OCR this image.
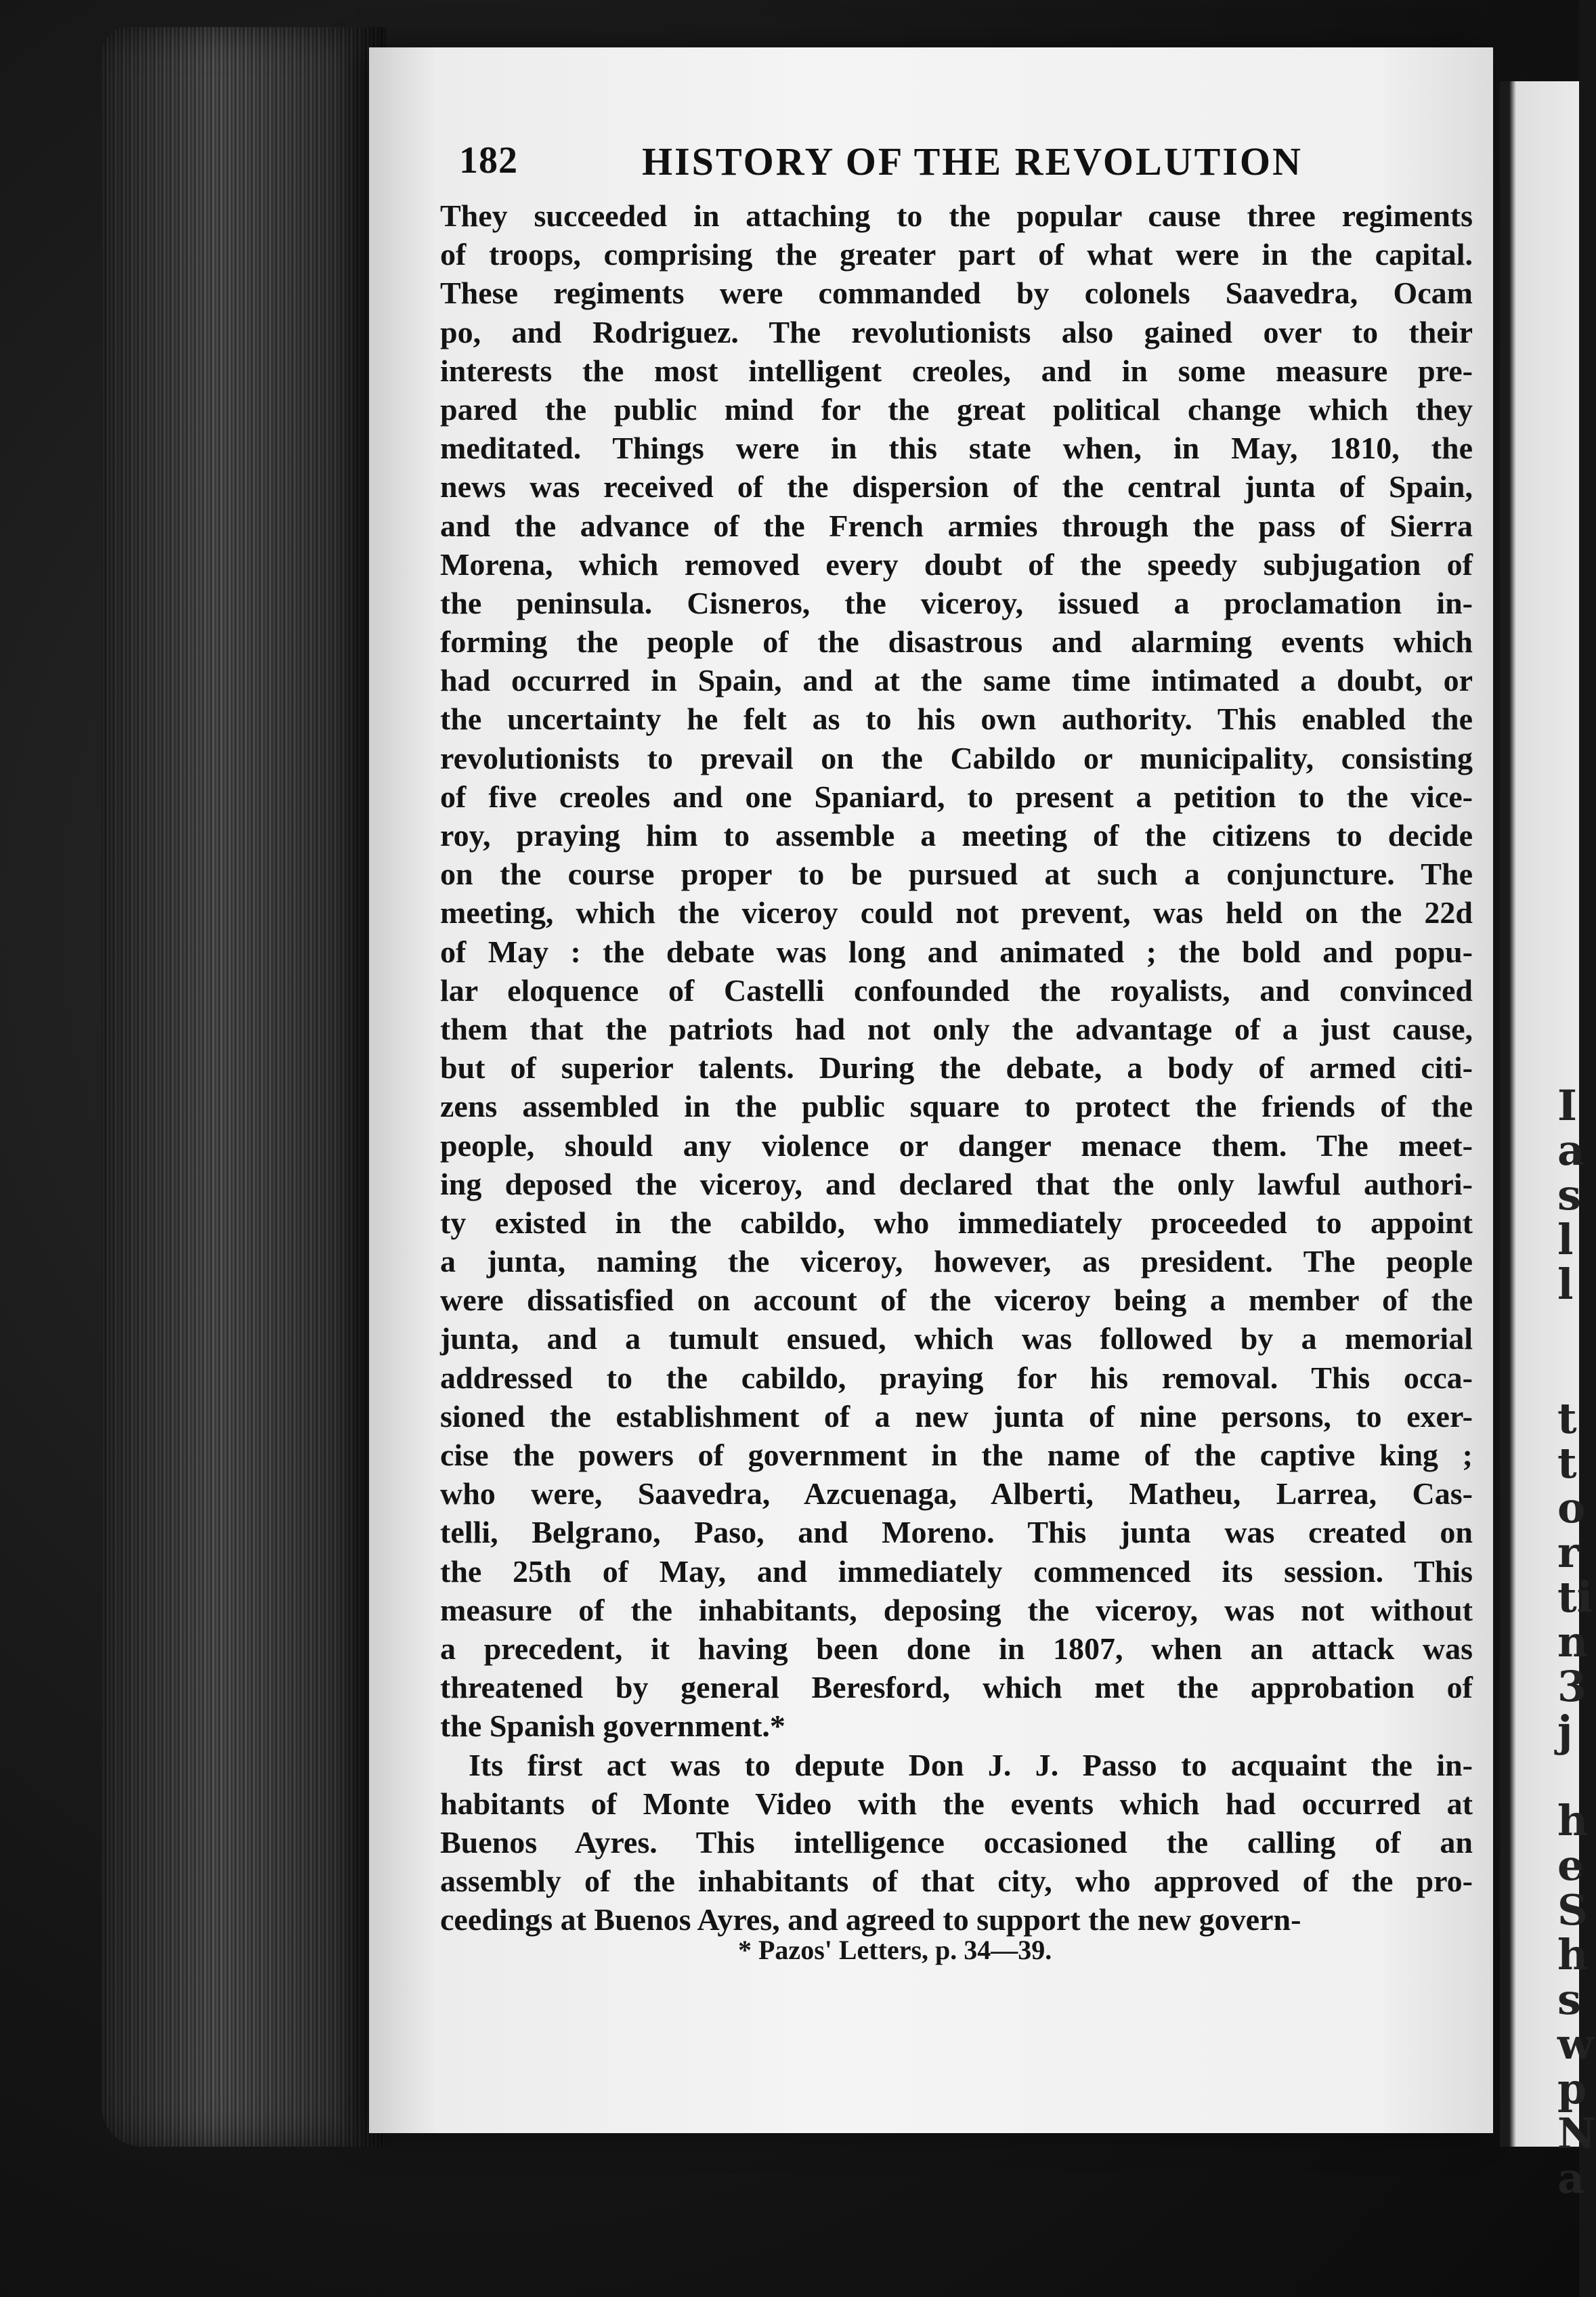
I
a
s
l
l
t
t
o
r
ti
n
3
j
h
e
S
h
s
w
p
N
a
182	HISTORY OF THE REVOLUTION
They succeeded in attaching to the popular cause three regiments
of troops, comprising the greater part of what were in the capital.
These regiments were commanded by colonels Saavedra, Ocam
po, and Rodriguez. The revolutionists also gained over to their
interests the most intelligent creoles, and in some measure pre-
pared the public mind for the great political change which they
meditated. Things were in this state when, in May, 1810, the
news was received of the dispersion of the central junta of Spain,
and the advance of the French armies through the pass of Sierra
Morena, which removed every doubt of the speedy subjugation of
the peninsula. Cisneros, the viceroy, issued a proclamation in-
forming the people of the disastrous and alarming events which
had occurred in Spain, and at the same time intimated a doubt, or
the uncertainty he felt as to his own authority. This enabled the
revolutionists to prevail on the Cabildo or municipality, consisting
of five creoles and one Spaniard, to present a petition to the vice-
roy, praying him to assemble a meeting of the citizens to decide
on the course proper to be pursued at such a conjuncture. The
meeting, which the viceroy could not prevent, was held on the 22d
of May : the debate was long and animated ; the bold and popu-
lar eloquence of Castelli confounded the royalists, and convinced
them that the patriots had not only the advantage of a just cause,
but of superior talents. During the debate, a body of armed citi-
zens assembled in the public square to protect the friends of the
people, should any violence or danger menace them. The meet-
ing deposed the viceroy, and declared that the only lawful authori-
ty existed in the cabildo, who immediately proceeded to appoint
a junta, naming the viceroy, however, as president. The people
were dissatisfied on account of the viceroy being a member of the
junta, and a tumult ensued, which was followed by a memorial
addressed to the cabildo, praying for his removal. This occa-
sioned the establishment of a new junta of nine persons, to exer-
cise the powers of government in the name of the captive king ;
who were, Saavedra, Azcuenaga, Alberti, Matheu, Larrea, Cas-
telli, Belgrano, Paso, and Moreno. This junta was created on
the 25th of May, and immediately commenced its session. This
measure of the inhabitants, deposing the viceroy, was not without
a precedent, it having been done in 1807, when an attack was
threatened by general Beresford, which met the approbation of
the Spanish government.*
Its first act was to depute Don J. J. Passo to acquaint the in-
habitants of Monte Video with the events which had occurred at
Buenos Ayres. This intelligence occasioned the calling of an
assembly of the inhabitants of that city, who approved of the pro-
ceedings at Buenos Ayres, and agreed to support the new govern-
* Pazos' Letters, p. 34—39.
